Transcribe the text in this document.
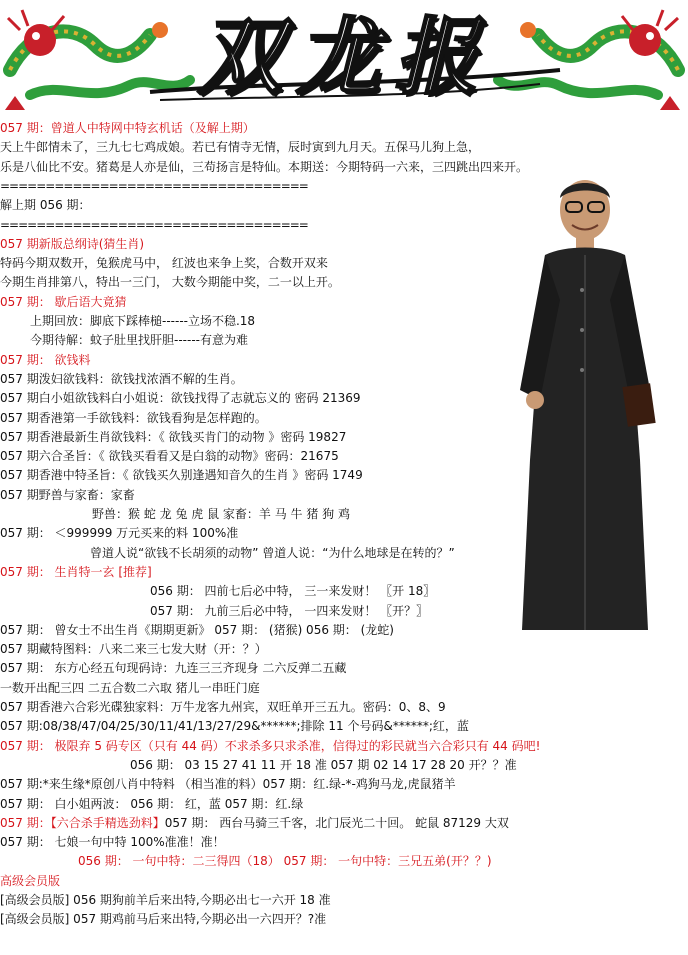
双龙报
057 期：曾道人中特网中特玄机话（及解上期）
天上牛郎情未了，三九七七鸡成娘。若已有情寺无情，辰时寅到九月天。五保马儿狗上急，
乐是八仙比不安。猪葛是人亦是仙，三苟扬言是特仙。本期送：今期特码一六来，三四跳出四来开。
==================================
解上期 056 期：
==================================
057 期新版总纲诗(猜生肖)
特码今期双数开，兔猴虎马中， 红波也来争上奖，合数开双来
今期生肖排第八，特出一三门， 大数今期能中奖，二一以上开。
057 期： 歇后语大竟猜
上期回放：脚底下踩棒槌------立场不稳.18
今期待解：蚊子肚里找肝胆------有意为难
057 期： 欲钱料
057 期泼妇欲钱料：欲钱找浓酒不解的生肖。
057 期白小姐欲钱料白小姐说：欲钱找得了志就忘义的 密码 21369
057 期香港第一手欲钱料：欲钱看狗是怎样跑的。
057 期香港最新生肖欲钱料：《 欲钱买肯门的动物 》密码 19827
057 期六合圣旨：《 欲钱买看看又是白翁的动物》密码：21675
057 期香港中特圣旨：《 欲钱买久别逢遇知音久的生肖 》密码 1749
057 期野兽与家畜：家畜
野兽：猴 蛇 龙 兔 虎 鼠 家畜：羊 马 牛 猪 狗 鸡
057 期： ＜999999 万元买来的料 100%准
曾道人说“欲钱不长胡须的动物” 曾道人说：“为什么地球是在转的？”
057 期： 生肖特一玄 [推荐]
056 期： 四前七后必中特， 三一来发财！ 〖开 18〗
057 期： 九前三后必中特， 一四来发财！ 〖开？〗
057 期： 曾女士不出生肖《期期更新》 057 期： (猪猴) 056 期： (龙蛇)
057 期藏特图料：八来二来三七发大财（开：？）
057 期： 东方心经五句现码诗：九连三三齐现身 二六反弹二五藏
一数开出配三四 二五合数二六取 猪儿一串旺门庭
057 期香港六合彩光碟独家料：万牛龙客九州宾，双旺单开三五九。密码：0、8、9
057 期:08/38/47/04/25/30/11/41/13/27/29&******;排除 11 个号码&******;红，蓝
057 期： 极限弃 5 码专区（只有 44 码）不求杀多只求杀准，信得过的彩民就当六合彩只有 44 码吧!
056 期： 03 15 27 41 11 开 18 准 057 期 02 14 17 28 20 开？？准
057 期:*来生缘*原创八肖中特料 （相当准的料）057 期：红.绿-*-鸡狗马龙,虎鼠猪羊
057 期： 白小姐两波： 056 期： 红，蓝 057 期：红.绿
057 期：【六合杀手精选劲料】057 期： 西台马骑三千客，北门辰光二十回。 蛇鼠 87129 大双
057 期： 七娘一句中特 100%准准！准！
056 期： 一句中特：二三得四（18） 057 期： 一句中特：三兄五弟(开？？)
高级会员版
[高级会员版] 056 期狗前羊后来出特,今期必出七一六开 18 准
[高级会员版] 057 期鸡前马后来出特,今期必出一六四开？?准
